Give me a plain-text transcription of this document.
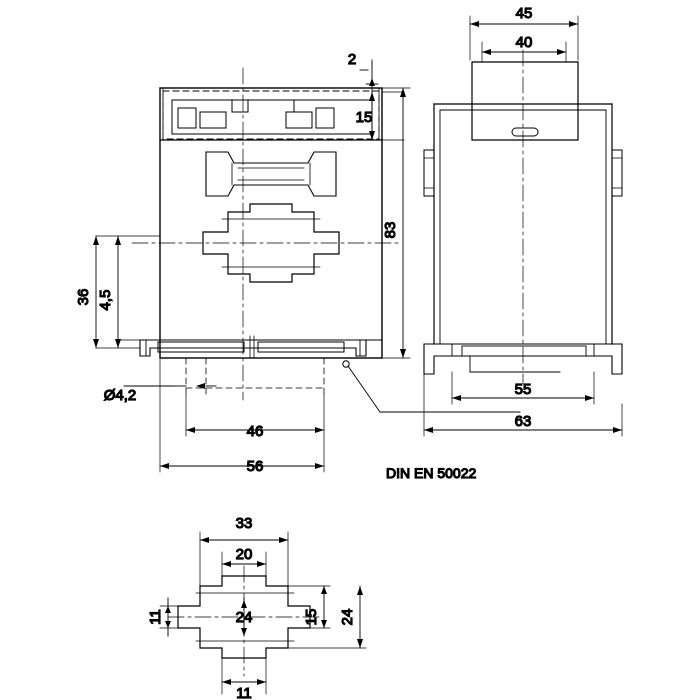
2
15
83
36 4,5
Ø4,2
46
56	DIN EN 50022
45
40
55
63
33
20
11	24	15 24
11
